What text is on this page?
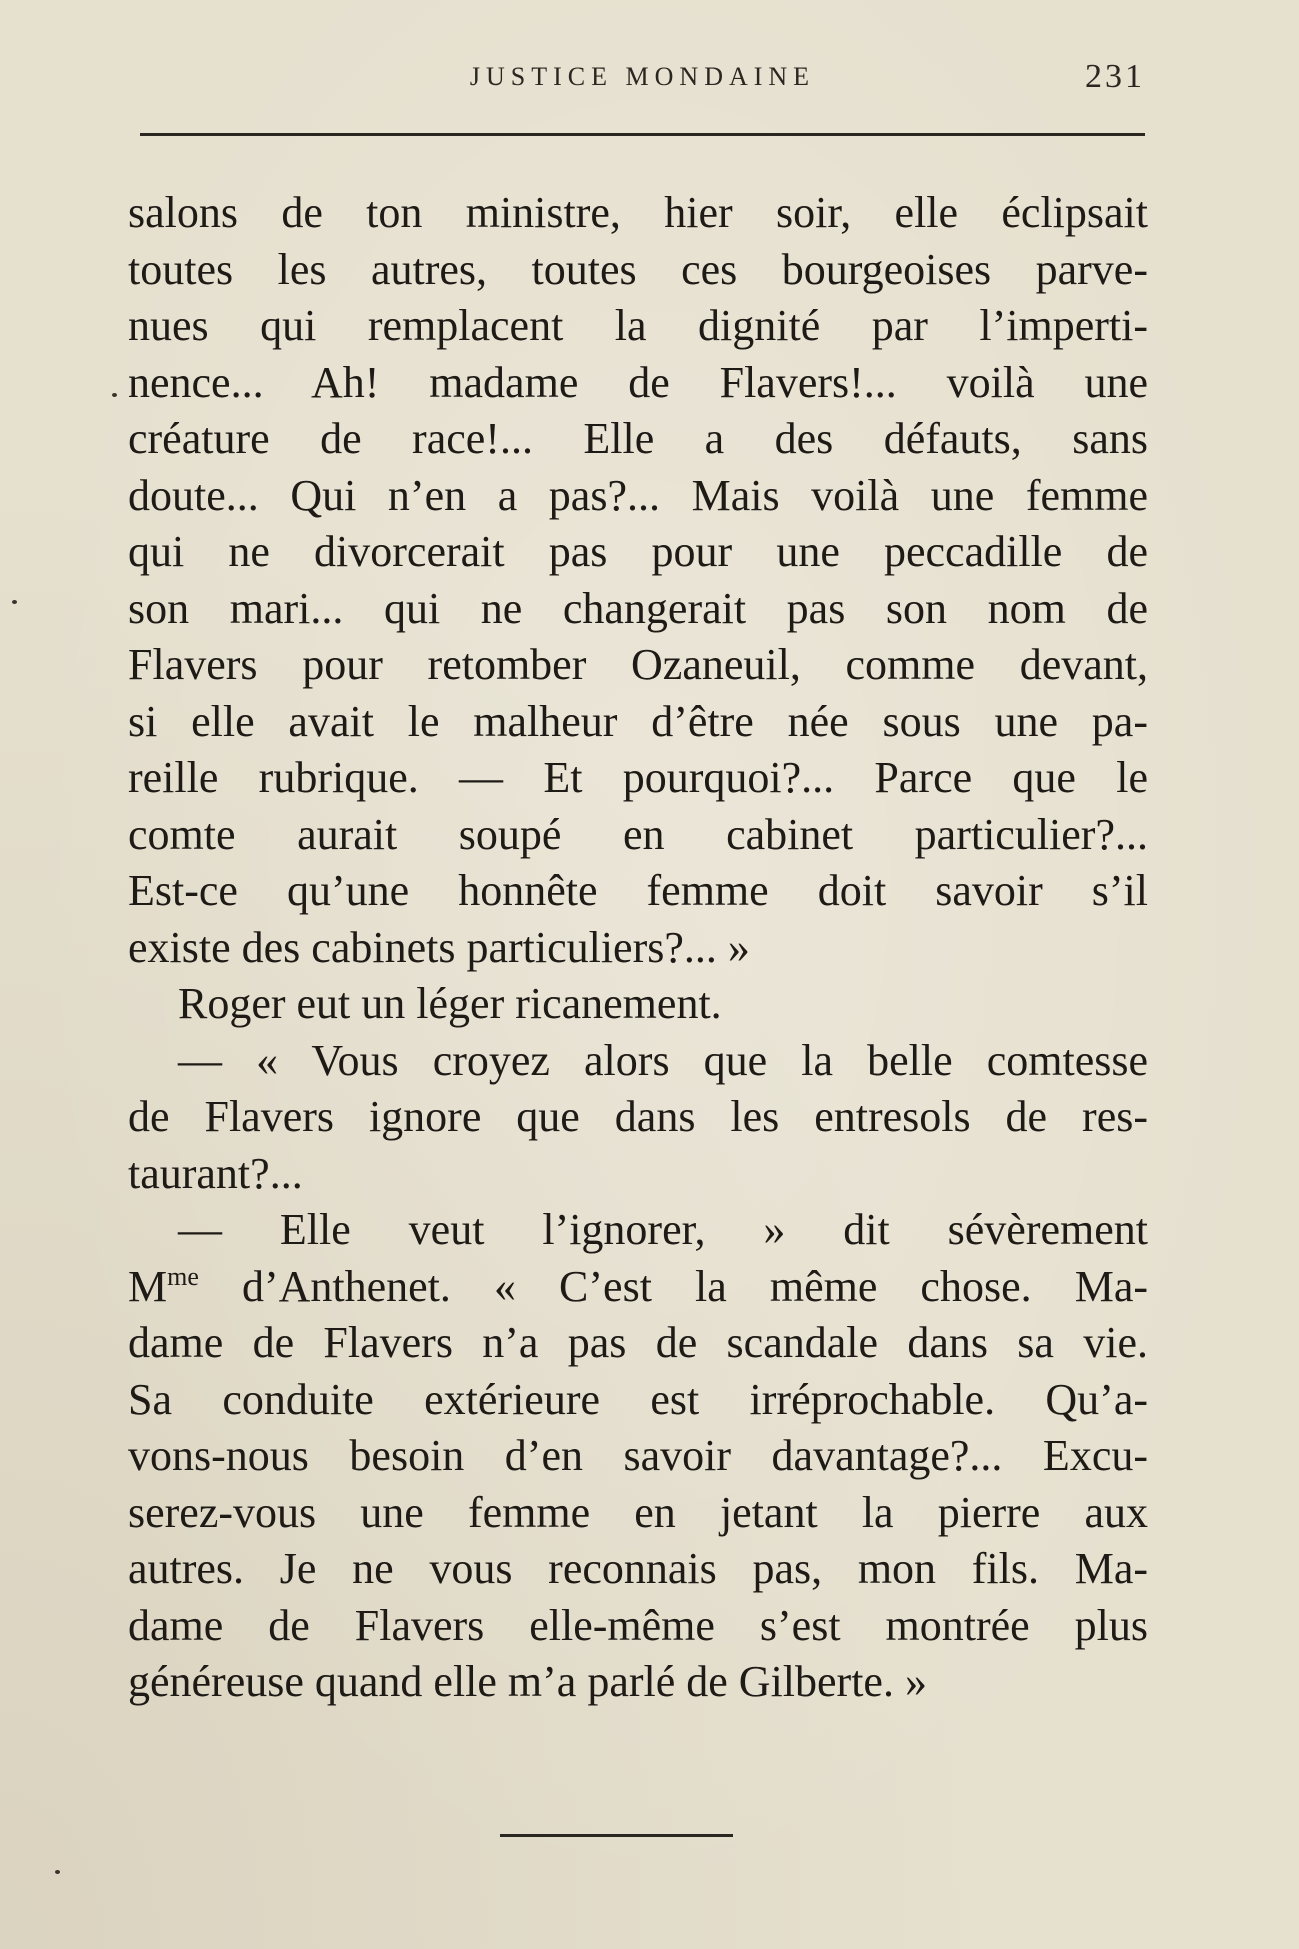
JUSTICE MONDAINE	231
salons de ton ministre, hier soir, elle éclipsait
toutes les autres, toutes ces bourgeoises parve-
nues qui remplacent la dignité par l’imperti-
nence... Ah! madame de Flavers!... voilà une
créature de race!... Elle a des défauts, sans
doute... Qui n’en a pas?... Mais voilà une femme
qui ne divorcerait pas pour une peccadille de
son mari... qui ne changerait pas son nom de
Flavers pour retomber Ozaneuil, comme devant,
si elle avait le malheur d’être née sous une pa-
reille rubrique. — Et pourquoi?... Parce que le
comte aurait soupé en cabinet particulier?...
Est-ce qu’une honnête femme doit savoir s’il
existe des cabinets particuliers?... »
Roger eut un léger ricanement.
— « Vous croyez alors que la belle comtesse
de Flavers ignore que dans les entresols de res-
taurant?...
— Elle veut l’ignorer, » dit sévèrement
$M^{me}$ d’Anthenet. « C’est la même chose. Ma-
dame de Flavers n’a pas de scandale dans sa vie.
Sa conduite extérieure est irréprochable. Qu’a-
vons-nous besoin d’en savoir davantage?... Excu-
serez-vous une femme en jetant la pierre aux
autres. Je ne vous reconnais pas, mon fils. Ma-
dame de Flavers elle-même s’est montrée plus
généreuse quand elle m’a parlé de Gilberte. »
